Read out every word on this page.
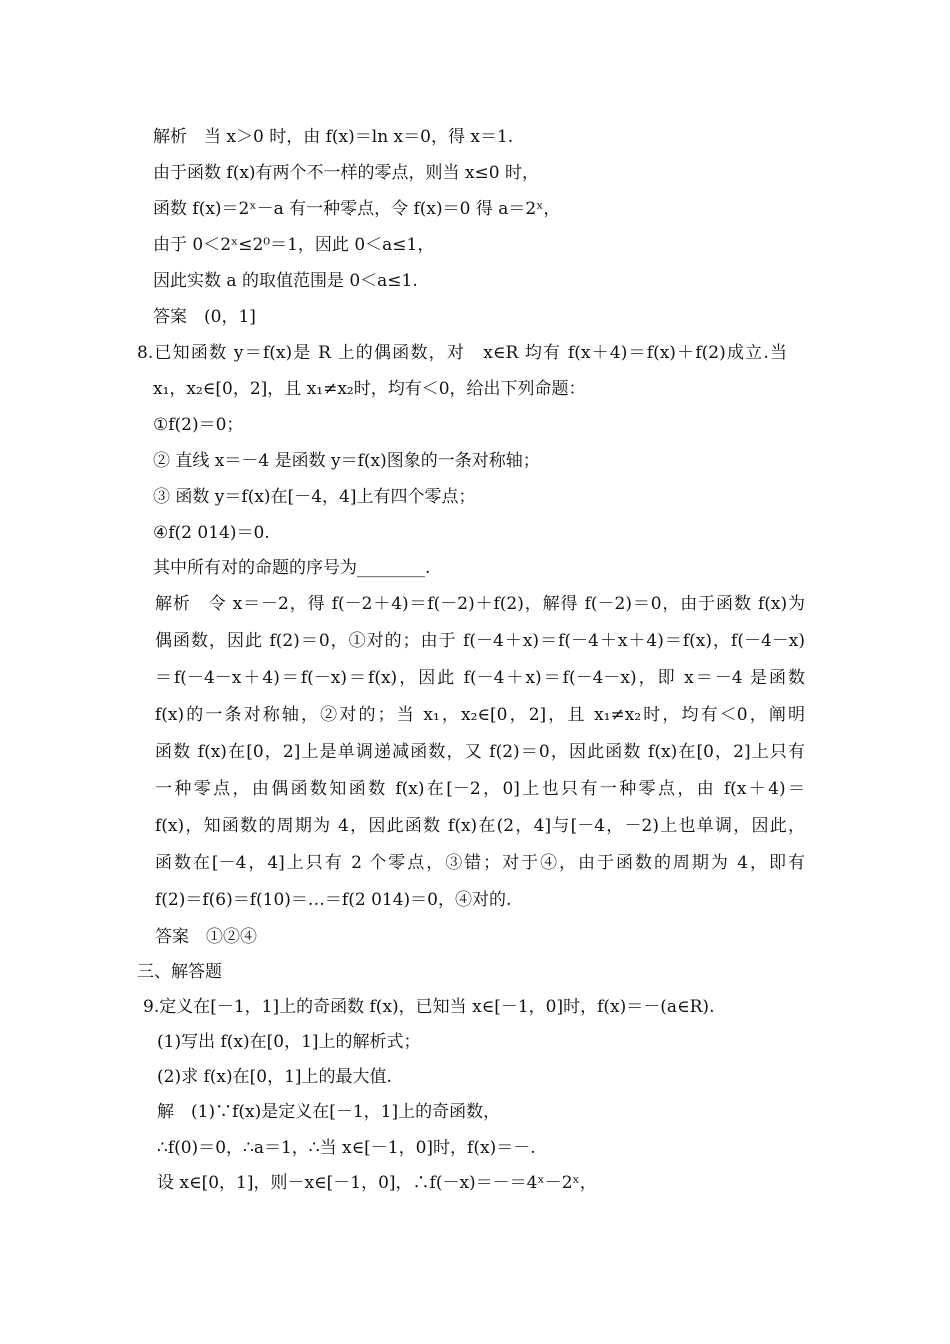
解析　当 x＞0 时，由 f(x)＝ln x＝0，得 x＝1.
由于函数 f(x)有两个不一样的零点，则当 x≤0 时，
函数 f(x)＝2ˣ－a 有一种零点，令 f(x)＝0 得 a＝2ˣ，
由于 0＜2ˣ≤2⁰＝1，因此 0＜a≤1，
因此实数 a 的取值范围是 0＜a≤1.
答案　(0，1]
8.已知函数 y＝f(x)是 R 上的偶函数，对　x∈R 均有 f(x＋4)＝f(x)＋f(2)成立.当
x₁，x₂∈[0，2]，且 x₁≠x₂时，均有＜0，给出下列命题：
①f(2)＝0；
② 直线 x＝－4 是函数 y＝f(x)图象的一条对称轴；
③ 函数 y＝f(x)在[－4，4]上有四个零点；
④f(2 014)＝0.
其中所有对的命题的序号为________.
解析　令 x＝－2，得 f(－2＋4)＝f(－2)＋f(2)，解得 f(－2)＝0，由于函数 f(x)为
偶函数，因此 f(2)＝0，①对的；由于 f(－4＋x)＝f(－4＋x＋4)＝f(x)，f(－4－x)
＝f(－4－x＋4)＝f(－x)＝f(x)，因此 f(－4＋x)＝f(－4－x)，即 x＝－4 是函数
f(x)的一条对称轴，②对的；当 x₁，x₂∈[0，2]，且 x₁≠x₂时，均有＜0，阐明
函数 f(x)在[0，2]上是单调递减函数，又 f(2)＝0，因此函数 f(x)在[0，2]上只有
一种零点，由偶函数知函数 f(x)在[－2，0]上也只有一种零点，由 f(x＋4)＝
f(x)，知函数的周期为 4，因此函数 f(x)在(2，4]与[－4，－2)上也单调，因此，
函数在[－4，4]上只有 2 个零点，③错；对于④，由于函数的周期为 4，即有
f(2)＝f(6)＝f(10)＝…＝f(2 014)＝0，④对的.
答案　①②④
三、解答题
9.定义在[－1，1]上的奇函数 f(x)，已知当 x∈[－1，0]时，f(x)＝－(a∈R).
(1)写出 f(x)在[0，1]上的解析式；
(2)求 f(x)在[0，1]上的最大值.
解　(1)∵f(x)是定义在[－1，1]上的奇函数，
∴f(0)＝0，∴a＝1，∴当 x∈[－1，0]时，f(x)＝－.
设 x∈[0，1]，则－x∈[－1，0]，∴f(－x)＝－＝4ˣ－2ˣ，
